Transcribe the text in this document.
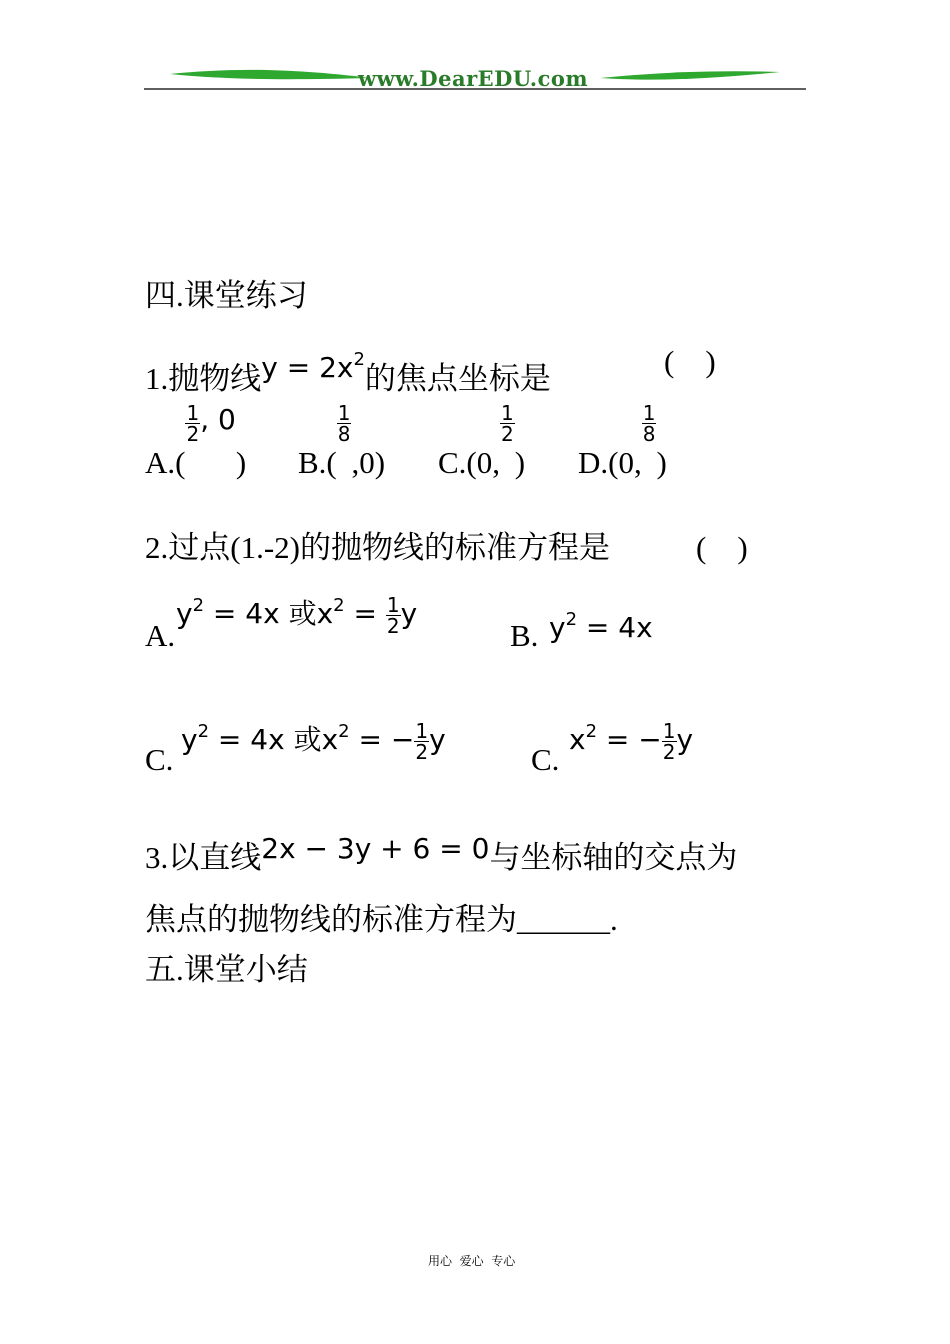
www.DearEDU.com
四.课堂练习
1.抛物线$y = 2x^2$的焦点坐标是	(    )
A.(
$\frac{1}{2}$ , 0) B.(
$\frac{1}{8}$
,0) C.(0,
$\frac{1}{2}$
) D.(0,
$\frac{1}{8}$
)
2.过点(1.-2)的抛物线的标准方程是	(    )
A.
$y^2 = 4x$ 或$x^2 = \frac{1}{2}$ y
B. $y^2 = 4x$
C.
$y^2 = 4x$ 或$x^2$ = − $\frac{1}{2}$ y
C.
$x^2$ = − $\frac{1}{2}$ y
3.以直线2x − 3y + 6 = 0与坐标轴的交点为
焦点的抛物线的标准方程为______.
五.课堂小结
用心  爱心  专心
